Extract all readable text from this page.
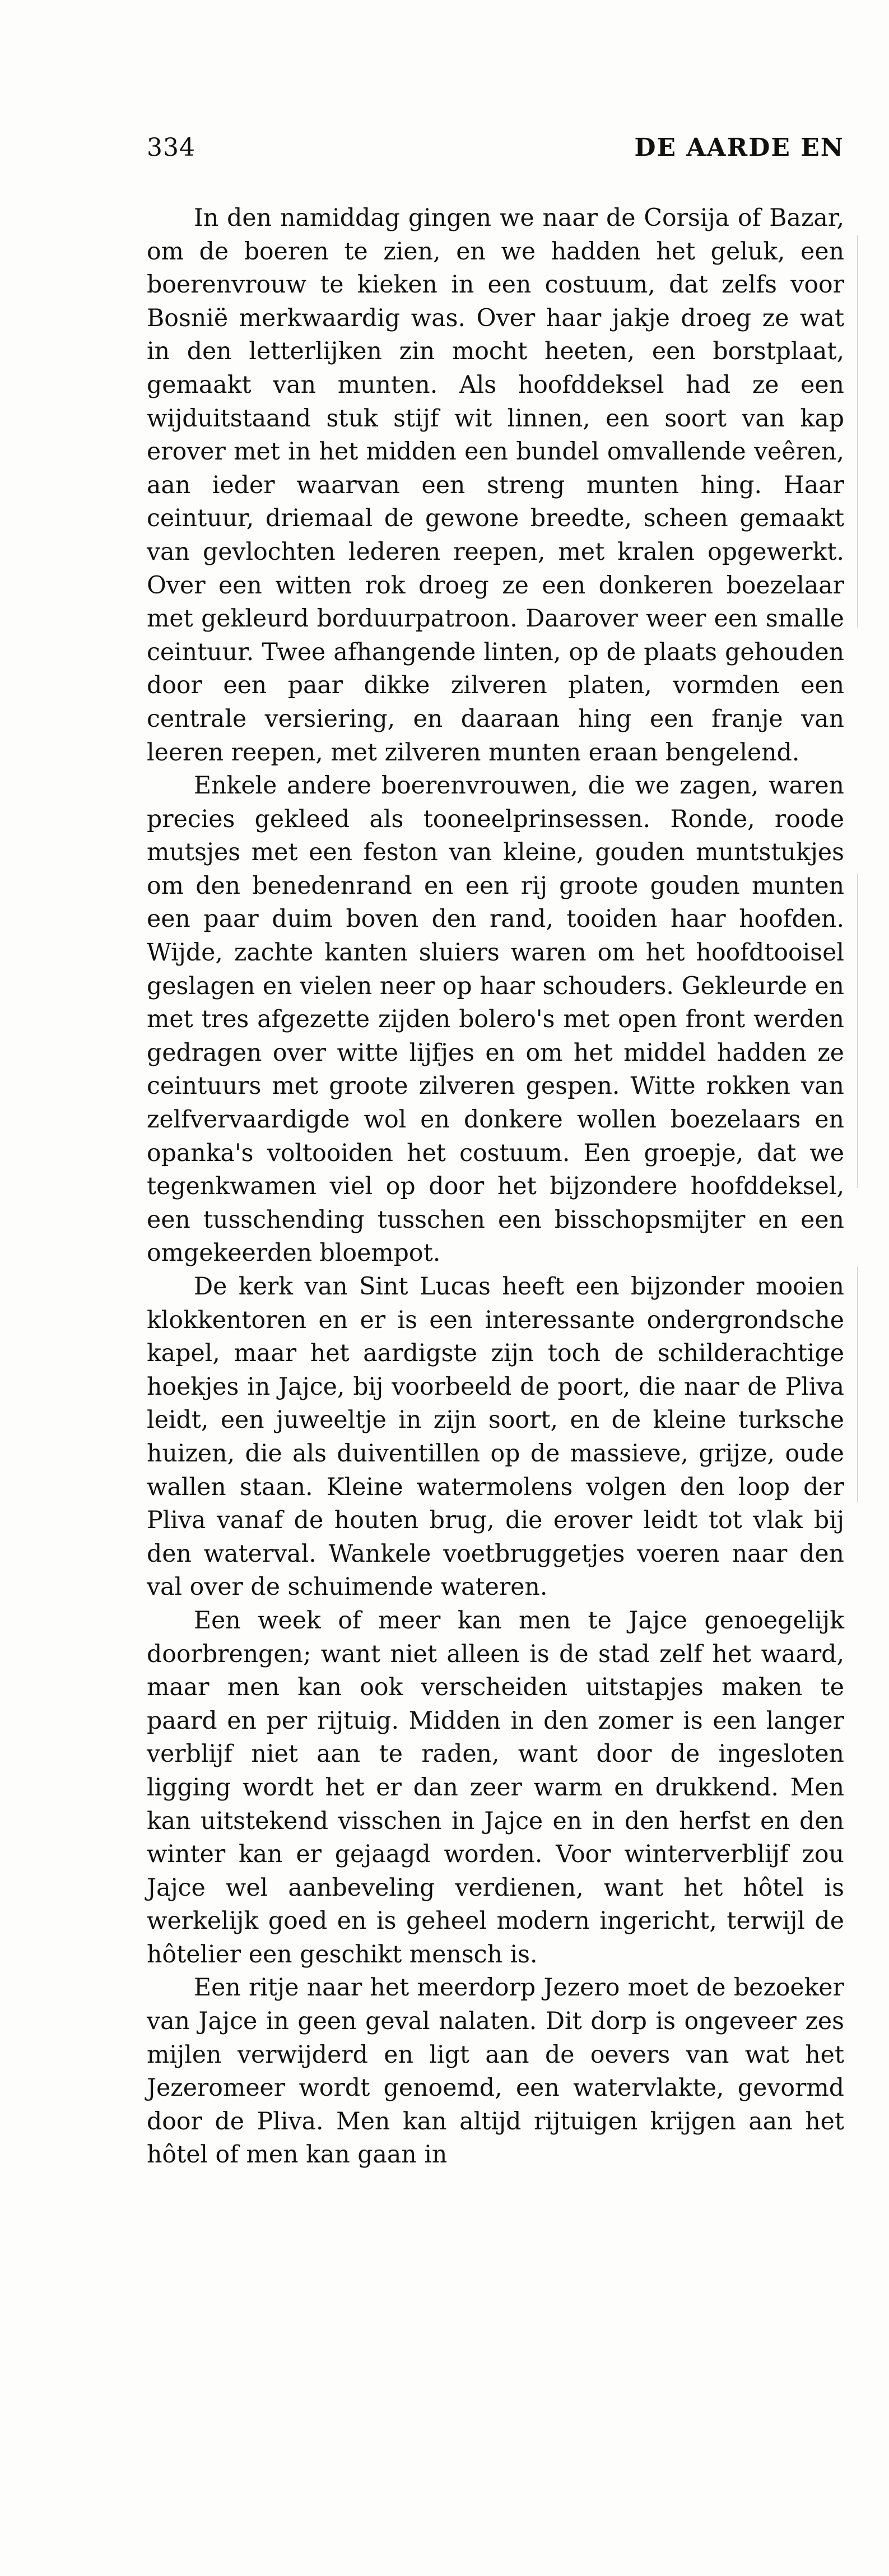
334	DE AARDE EN

In den namiddag gingen we naar de Corsija of Bazar, om de boeren te zien, en we hadden het geluk, een boerenvrouw te kieken in een costuum, dat zelfs voor Bosnië merkwaardig was. Over haar jakje droeg ze wat in den letterlijken zin mocht heeten, een borstplaat, gemaakt van munten. Als hoofddeksel had ze een wijduitstaand stuk stijf wit linnen, een soort van kap erover met in het midden een bundel omvallende veêren, aan ieder waarvan een streng munten hing. Haar ceintuur, driemaal de gewone breedte, scheen gemaakt van gevlochten lederen reepen, met kralen opgewerkt. Over een witten rok droeg ze een donkeren boezelaar met gekleurd borduurpatroon. Daarover weer een smalle ceintuur. Twee afhangende linten, op de plaats gehouden door een paar dikke zilveren platen, vormden een centrale versiering, en daaraan hing een franje van leeren reepen, met zilveren munten eraan bengelend.

Enkele andere boerenvrouwen, die we zagen, waren precies gekleed als tooneelprinsessen. Ronde, roode mutsjes met een feston van kleine, gouden muntstukjes om den benedenrand en een rij groote gouden munten een paar duim boven den rand, tooiden haar hoofden. Wijde, zachte kanten sluiers waren om het hoofdtooisel geslagen en vielen neer op haar schouders. Gekleurde en met tres afgezette zijden bolero's met open front werden gedragen over witte lijfjes en om het middel hadden ze ceintuurs met groote zilveren gespen. Witte rokken van zelfvervaardigde wol en donkere wollen boezelaars en opanka's voltooiden het costuum. Een groepje, dat we tegenkwamen viel op door het bijzondere hoofddeksel, een tusschending tusschen een bisschopsmijter en een omgekeerden bloempot.

De kerk van Sint Lucas heeft een bijzonder mooien klokkentoren en er is een interessante ondergrondsche kapel, maar het aardigste zijn toch de schilderachtige hoekjes in Jajce, bij voorbeeld de poort, die naar de Pliva leidt, een juweeltje in zijn soort, en de kleine turksche huizen, die als duiventillen op de massieve, grijze, oude wallen staan. Kleine watermolens volgen den loop der Pliva vanaf de houten brug, die erover leidt tot vlak bij den waterval. Wankele voetbruggetjes voeren naar den val over de schuimende wateren.

Een week of meer kan men te Jajce genoegelijk doorbrengen; want niet alleen is de stad zelf het waard, maar men kan ook verscheiden uitstapjes maken te paard en per rijtuig. Midden in den zomer is een langer verblijf niet aan te raden, want door de ingesloten ligging wordt het er dan zeer warm en drukkend. Men kan uitstekend visschen in Jajce en in den herfst en den winter kan er gejaagd worden. Voor winterverblijf zou Jajce wel aanbeveling verdienen, want het hôtel is werkelijk goed en is geheel modern ingericht, terwijl de hôtelier een geschikt mensch is.

Een ritje naar het meerdorp Jezero moet de bezoeker van Jajce in geen geval nalaten. Dit dorp is ongeveer zes mijlen verwijderd en ligt aan de oevers van wat het Jezeromeer wordt genoemd, een watervlakte, gevormd door de Pliva. Men kan altijd rijtuigen krijgen aan het hôtel of men kan gaan in
